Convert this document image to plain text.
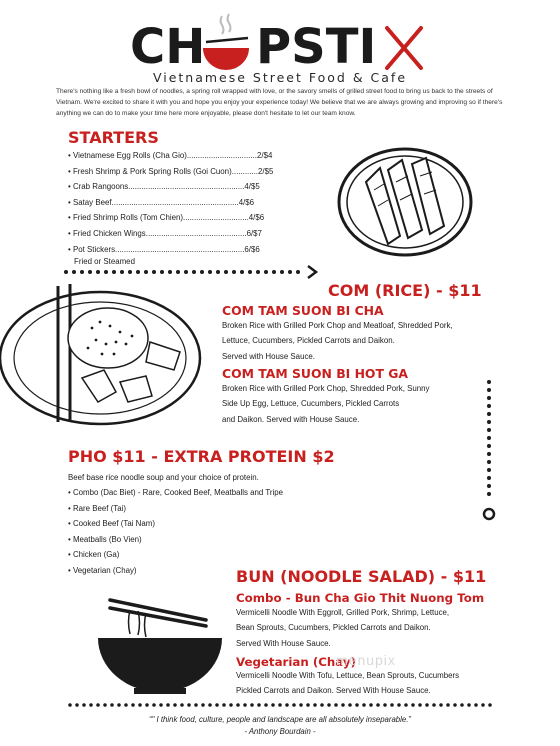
CH PSTI
Vietnamese Street Food & Cafe
There's nothing like a fresh bowl of noodles, a spring roll wrapped with love, or the savory smells of grilled street food to bring us back to the streets of Vietnam. We're excited to share it with you and hope you enjoy your experience today! We believe that we are always growing and improving so if there's anything we can do to make your time here more enjoyable, please don't hesitate to let our team know.
STARTERS
• Vietnamese Egg Rolls (Cha Gio)................................2/$4
• Fresh Shrimp & Pork Spring Rolls (Goi Cuon)............2/$5
• Crab Rangoons.....................................................4/$5
• Satay Beef..........................................................4/$6
• Fried Shrimp Rolls (Tom Chien)..............................4/$6
• Fried Chicken Wings..............................................6/$7
• Pot Stickers...........................................................6/$6
Fried or Steamed
COM (RICE) - $11
COM TAM SUON BI CHA
Broken Rice with Grilled Pork Chop and Meatloaf, Shredded Pork,
Lettuce, Cucumbers, Pickled Carrots and Daikon.
Served with House Sauce.
COM TAM SUON BI HOT GA
Broken Rice with Grilled Pork Chop, Shredded Pork, Sunny
Side Up Egg, Lettuce, Cucumbers, Pickled Carrots
and Daikon. Served with House Sauce.
PHO $11 - EXTRA PROTEIN $2
Beef base rice noodle soup and your choice of protein.
• Combo (Dac Biet) - Rare, Cooked Beef, Meatballs and Tripe
• Rare Beef (Tai)
• Cooked Beef (Tai Nam)
• Meatballs (Bo Vien)
• Chicken (Ga)
• Vegetarian (Chay)	BUN (NOODLE SALAD) - $11
Combo - Bun Cha Gio Thit Nuong Tom
Vermicelli Noodle With Eggroll, Grilled Pork, Shrimp, Lettuce,
Bean Sprouts, Cucumbers, Pickled Carrots and Daikon.
Served With House Sauce.
Vegetarian (Chay)
menupix
Vermicelli Noodle With Tofu, Lettuce, Bean Sprouts, Cucumbers
Pickled Carrots and Daikon. Served With House Sauce.
“" I think food, culture, people and landscape are all absolutely inseparable.”
- Anthony Bourdain -
